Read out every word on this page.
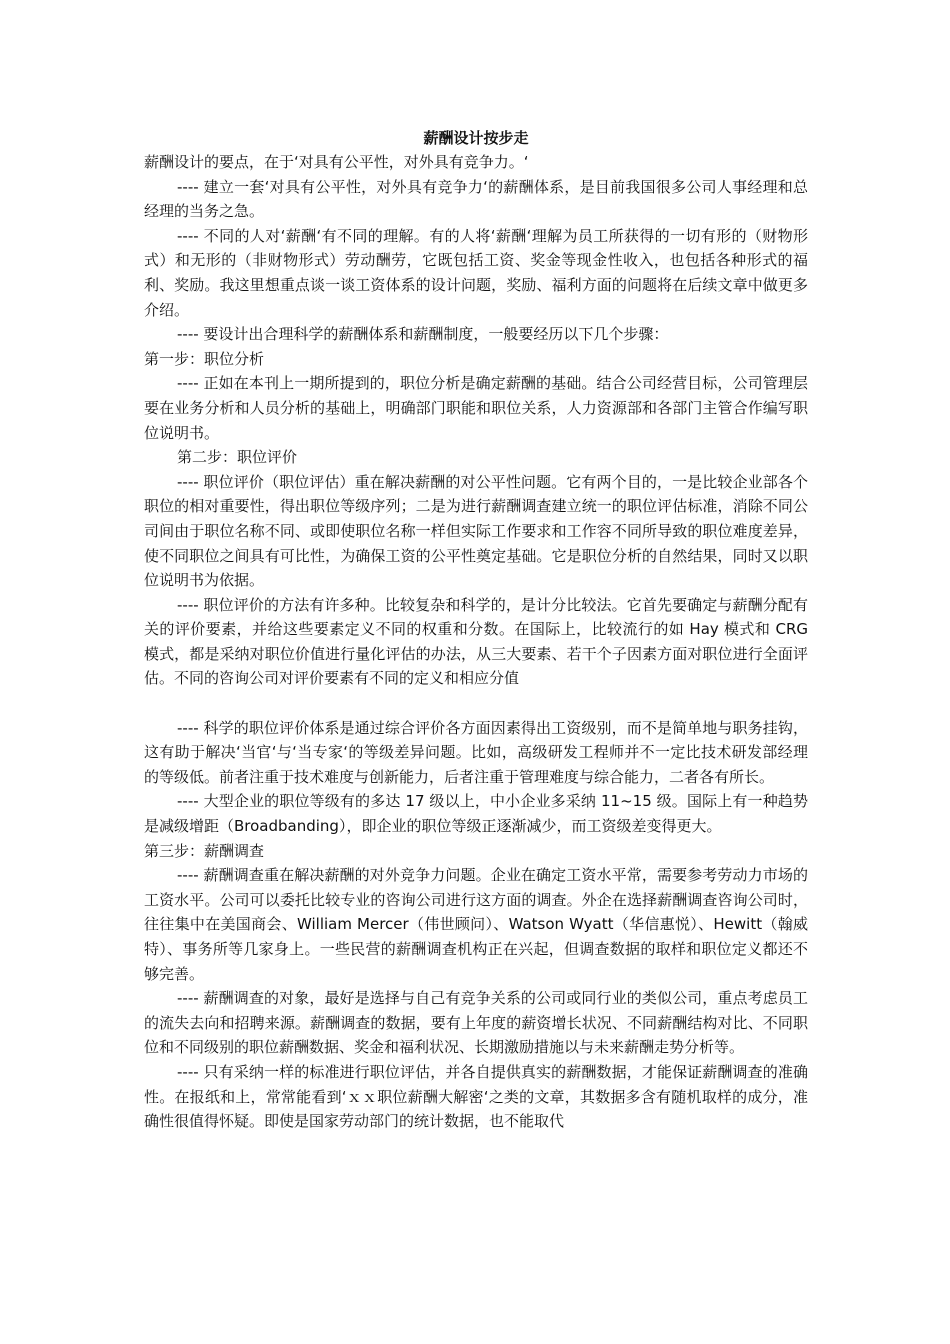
薪酬设计按步走

薪酬设计的要点，在于‘对具有公平性，对外具有竞争力。‘

---- 建立一套‘对具有公平性，对外具有竞争力‘的薪酬体系，是目前我国很多公司人事经理和总经理的当务之急。

---- 不同的人对‘薪酬‘有不同的理解。有的人将‘薪酬‘理解为员工所获得的一切有形的（财物形式）和无形的（非财物形式）劳动酬劳，它既包括工资、奖金等现金性收入，也包括各种形式的福利、奖励。我这里想重点谈一谈工资体系的设计问题，奖励、福利方面的问题将在后续文章中做更多介绍。

---- 要设计出合理科学的薪酬体系和薪酬制度，一般要经历以下几个步骤：

第一步：职位分析

---- 正如在本刊上一期所提到的，职位分析是确定薪酬的基础。结合公司经营目标，公司管理层要在业务分析和人员分析的基础上，明确部门职能和职位关系，人力资源部和各部门主管合作编写职位说明书。

第二步：职位评价

---- 职位评价（职位评估）重在解决薪酬的对公平性问题。它有两个目的，一是比较企业部各个职位的相对重要性，得出职位等级序列；二是为进行薪酬调查建立统一的职位评估标准，消除不同公司间由于职位名称不同、或即使职位名称一样但实际工作要求和工作容不同所导致的职位难度差异，使不同职位之间具有可比性，为确保工资的公平性奠定基础。它是职位分析的自然结果，同时又以职位说明书为依据。

---- 职位评价的方法有许多种。比较复杂和科学的，是计分比较法。它首先要确定与薪酬分配有关的评价要素，并给这些要素定义不同的权重和分数。在国际上，比较流行的如 Hay 模式和 CRG 模式，都是采纳对职位价值进行量化评估的办法，从三大要素、若干个子因素方面对职位进行全面评估。不同的咨询公司对评价要素有不同的定义和相应分值

---- 科学的职位评价体系是通过综合评价各方面因素得出工资级别，而不是简单地与职务挂钩，这有助于解决‘当官‘与‘当专家‘的等级差异问题。比如，高级研发工程师并不一定比技术研发部经理的等级低。前者注重于技术难度与创新能力，后者注重于管理难度与综合能力，二者各有所长。

---- 大型企业的职位等级有的多达 17 级以上，中小企业多采纳 11~15 级。国际上有一种趋势是减级增距（Broadbanding），即企业的职位等级正逐渐减少，而工资级差变得更大。

第三步：薪酬调查

---- 薪酬调查重在解决薪酬的对外竞争力问题。企业在确定工资水平常，需要参考劳动力市场的工资水平。公司可以委托比较专业的咨询公司进行这方面的调查。外企在选择薪酬调查咨询公司时，往往集中在美国商会、William Mercer（伟世顾问）、Watson Wyatt（华信惠悦）、Hewitt（翰威特）、事务所等几家身上。一些民营的薪酬调查机构正在兴起，但调查数据的取样和职位定义都还不够完善。

---- 薪酬调查的对象，最好是选择与自己有竞争关系的公司或同行业的类似公司，重点考虑员工的流失去向和招聘来源。薪酬调查的数据，要有上年度的薪资增长状况、不同薪酬结构对比、不同职位和不同级别的职位薪酬数据、奖金和福利状况、长期激励措施以与未来薪酬走势分析等。

---- 只有采纳一样的标准进行职位评估，并各自提供真实的薪酬数据，才能保证薪酬调查的准确性。在报纸和上，常常能看到‘ｘｘ职位薪酬大解密‘之类的文章，其数据多含有随机取样的成分，准确性很值得怀疑。即使是国家劳动部门的统计数据，也不能取代
